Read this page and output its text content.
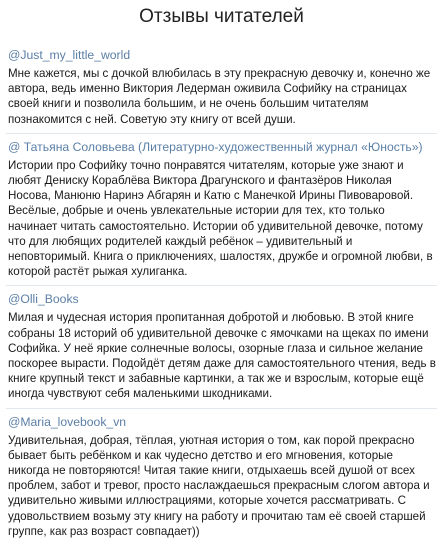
Отзывы читателей
@Just_my_little_world

Мне кажется, мы с дочкой влюбилась в эту прекрасную девочку и, конечно же автора, ведь именно Виктория Ледерман оживила Софийку на страницах своей книги и позволила большим, и не очень большим читателям познакомится с ней. Советую эту книгу от всей души.

@ Татьяна Соловьева (Литературно-художественный журнал «Юность»)

Истории про Софийку точно понравятся читателям, которые уже знают и любят Дениску Кораблёва Виктора Драгунского и фантазёров Николая Носова, Манюню Наринэ Абгарян и Катю с Манечкой Ирины Пивоваровой. Весёлые, добрые и очень увлекательные истории для тех, кто только начинает читать самостоятельно. Истории об удивительной девочке, потому что для любящих родителей каждый ребёнок – удивительный и неповторимый. Книга о приключениях, шалостях, дружбе и огромной любви, в которой растёт рыжая хулиганка.

@Olli_Books

Милая и чудесная история пропитанная добротой и любовью. В этой книге собраны 18 историй об удивительной девочке с ямочками на щеках по имени Софийка. У неё яркие солнечные волосы, озорные глаза и сильное желание поскорее вырасти. Подойдёт детям даже для самостоятельного чтения, ведь в книге крупный текст и забавные картинки, а так же и взрослым, которые ещё иногда чувствуют себя маленькими шкодниками.

@Maria_lovebook_vn

Удивительная, добрая, тёплая, уютная история о том, как порой прекрасно бывает быть ребёнком и как чудесно детство и его мгновения, которые никогда не повторяются! Читая такие книги, отдыхаешь всей душой от всех проблем, забот и тревог, просто наслаждаешься прекрасным слогом автора и удивительно живыми иллюстрациями, которые хочется рассматривать. С удовольствием возьму эту книгу на работу и прочитаю там её своей старшей группе, как раз возраст совпадает))
